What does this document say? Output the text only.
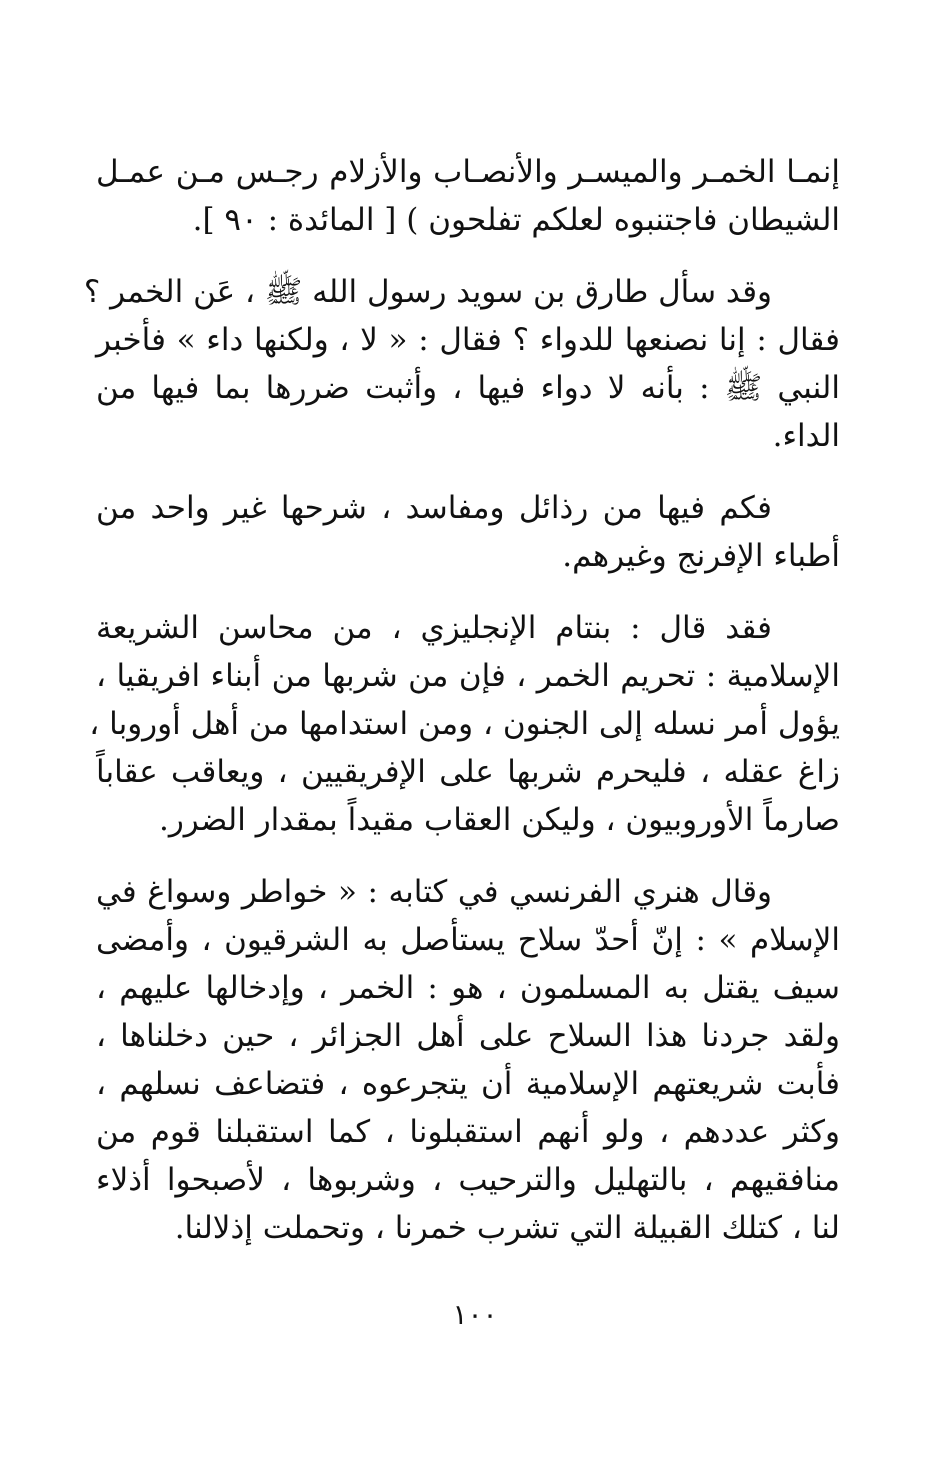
إنمـا الخمـر والميسـر والأنصـاب والأزلام رجـس مـن عمـل
الشيطان فاجتنبوه لعلكم تفلحون ) [ المائدة : ٩٠ ].

وقد سأل طارق بن سويد رسول الله ﷺ ، عَن الخمر ؟
فقال : إنا نصنعها للدواء ؟ فقال : « لا ، ولكنها داء » فأخبر
النبي ﷺ : بأنه لا دواء فيها ، وأثبت ضررها بما فيها من
الداء.

فكم فيها من رذائل ومفاسد ، شرحها غير واحد من
أطباء الإفرنج وغيرهم.

فقد قال : بنتام الإنجليزي ، من محاسن الشريعة
الإسلامية : تحريم الخمر ، فإن من شربها من أبناء افريقيا ،
يؤول أمر نسله إلى الجنون ، ومن استدامها من أهل أوروبا ،
زاغ عقله ، فليحرم شربها على الإفريقيين ، ويعاقب عقاباً
صارماً الأوروبيون ، وليكن العقاب مقيداً بمقدار الضرر.

وقال هنري الفرنسي في كتابه : « خواطر وسواغ في
الإسلام » : إنّ أحدّ سلاح يستأصل به الشرقيون ، وأمضى
سيف يقتل به المسلمون ، هو : الخمر ، وإدخالها عليهم ،
ولقد جردنا هذا السلاح على أهل الجزائر ، حين دخلناها ،
فأبت شريعتهم الإسلامية أن يتجرعوه ، فتضاعف نسلهم ،
وكثر عددهم ، ولو أنهم استقبلونا ، كما استقبلنا قوم من
منافقيهم ، بالتهليل والترحيب ، وشربوها ، لأصبحوا أذلاء
لنا ، كتلك القبيلة التي تشرب خمرنا ، وتحملت إذلالنا.

١٠٠
